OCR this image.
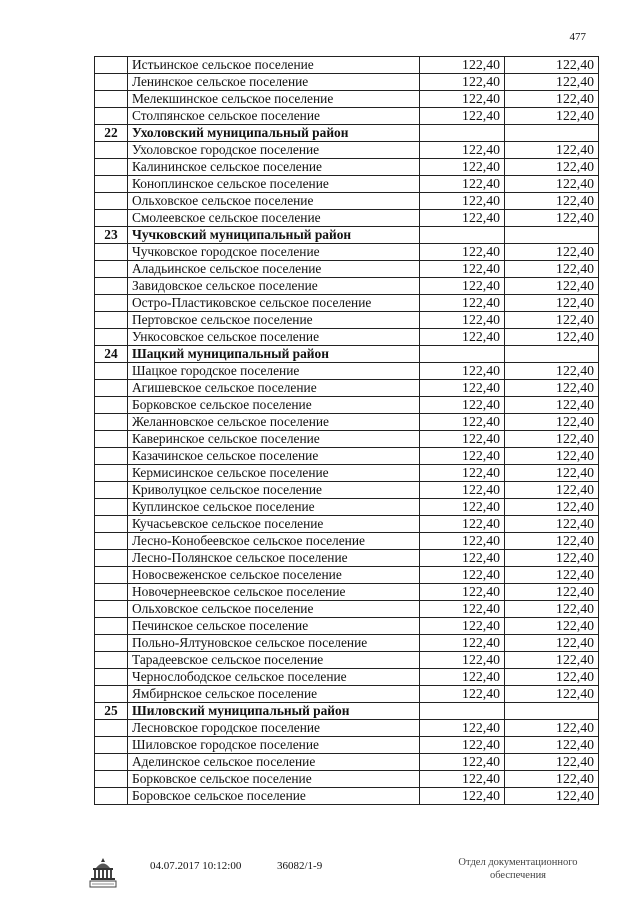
477
	Истьинское сельское поселение	122,40	122,40
	Ленинское сельское поселение	122,40	122,40
	Мелекшинское сельское поселение	122,40	122,40
	Столпянское сельское поселение	122,40	122,40
22	Ухоловский муниципальный район		
	Ухоловское городское поселение	122,40	122,40
	Калининское сельское поселение	122,40	122,40
	Коноплинское сельское поселение	122,40	122,40
	Ольховское сельское поселение	122,40	122,40
	Смолеевское сельское поселение	122,40	122,40
23	Чучковский муниципальный район		
	Чучковское городское поселение	122,40	122,40
	Аладьинское сельское поселение	122,40	122,40
	Завидовское сельское поселение	122,40	122,40
	Остро-Пластиковское сельское поселение	122,40	122,40
	Пертовское сельское поселение	122,40	122,40
	Ункосовское сельское поселение	122,40	122,40
24	Шацкий муниципальный район		
	Шацкое городское поселение	122,40	122,40
	Агишевское сельское поселение	122,40	122,40
	Борковское сельское поселение	122,40	122,40
	Желанновское сельское поселение	122,40	122,40
	Каверинское сельское поселение	122,40	122,40
	Казачинское сельское поселение	122,40	122,40
	Кермисинское сельское поселение	122,40	122,40
	Криволуцкое сельское поселение	122,40	122,40
	Куплинское сельское поселение	122,40	122,40
	Кучасьевское сельское поселение	122,40	122,40
	Лесно-Конобеевское сельское поселение	122,40	122,40
	Лесно-Полянское сельское поселение	122,40	122,40
	Новосвеженское сельское поселение	122,40	122,40
	Новочернеевское сельское поселение	122,40	122,40
	Ольховское сельское поселение	122,40	122,40
	Печинское сельское поселение	122,40	122,40
	Польно-Ялтуновское сельское поселение	122,40	122,40
	Тарадеевское сельское поселение	122,40	122,40
	Чернослободское сельское поселение	122,40	122,40
	Ямбирнское сельское поселение	122,40	122,40
25	Шиловский муниципальный район		
	Лесновское городское поселение	122,40	122,40
	Шиловское городское поселение	122,40	122,40
	Аделинское сельское поселение	122,40	122,40
	Борковское сельское поселение	122,40	122,40
	Боровское сельское поселение	122,40	122,40
04.07.2017 10:12:00	36082/1-9	Отдел документационного
обеспечения
